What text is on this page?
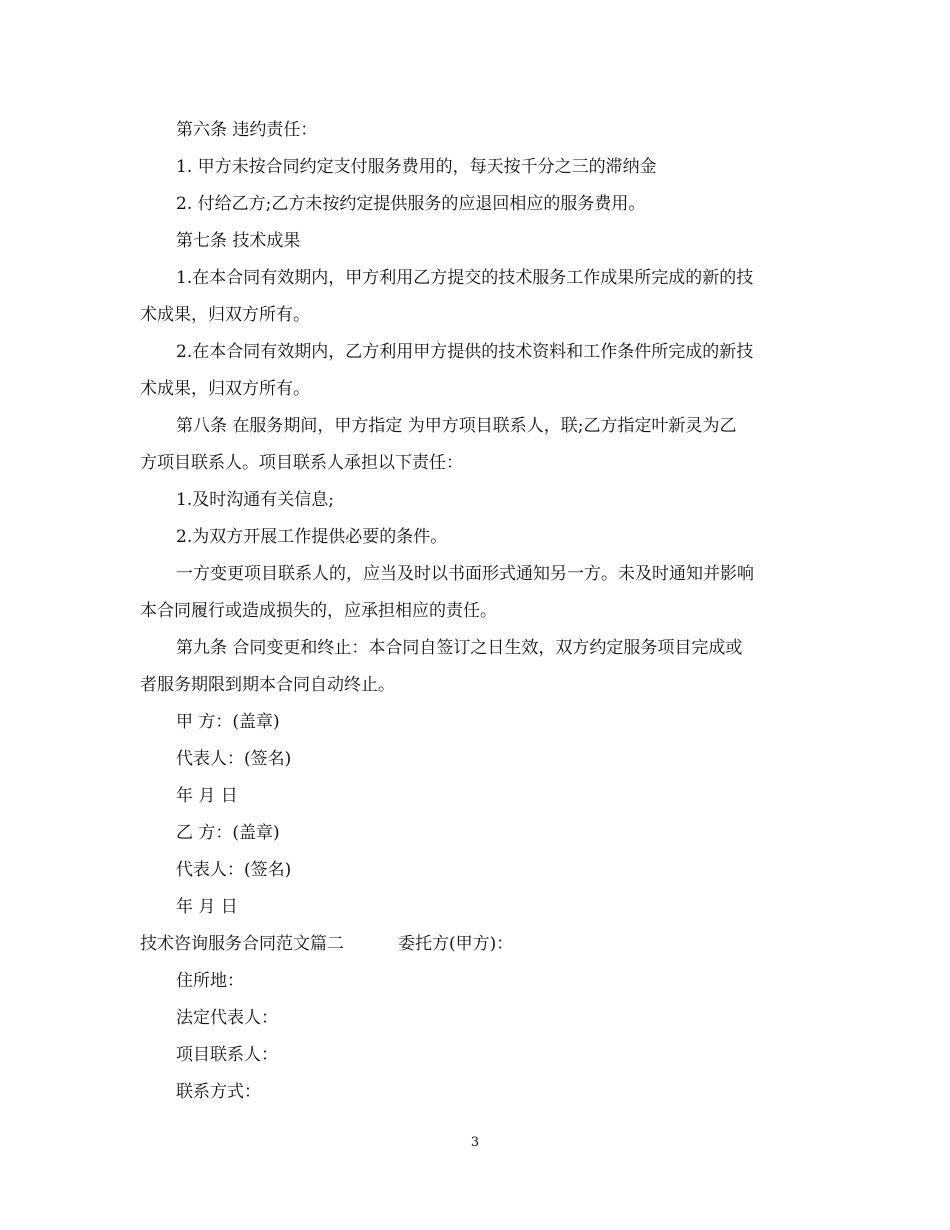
第六条 违约责任：
1. 甲方未按合同约定支付服务费用的，每天按千分之三的滞纳金
2. 付给乙方;乙方未按约定提供服务的应退回相应的服务费用。
第七条 技术成果
1.在本合同有效期内，甲方利用乙方提交的技术服务工作成果所完成的新的技
术成果，归双方所有。
2.在本合同有效期内，乙方利用甲方提供的技术资料和工作条件所完成的新技
术成果，归双方所有。
第八条 在服务期间，甲方指定 为甲方项目联系人，联;乙方指定叶新灵为乙
方项目联系人。项目联系人承担以下责任：
1.及时沟通有关信息;
2.为双方开展工作提供必要的条件。
一方变更项目联系人的，应当及时以书面形式通知另一方。未及时通知并影响
本合同履行或造成损失的，应承担相应的责任。
第九条 合同变更和终止：本合同自签订之日生效，双方约定服务项目完成或
者服务期限到期本合同自动终止。
甲 方：(盖章)
代表人：(签名)
年 月 日
乙 方：(盖章)
代表人：(签名)
年 月 日
技术咨询服务合同范文篇二	委托方(甲方)：
住所地：
法定代表人：
项目联系人：
联系方式：
3
